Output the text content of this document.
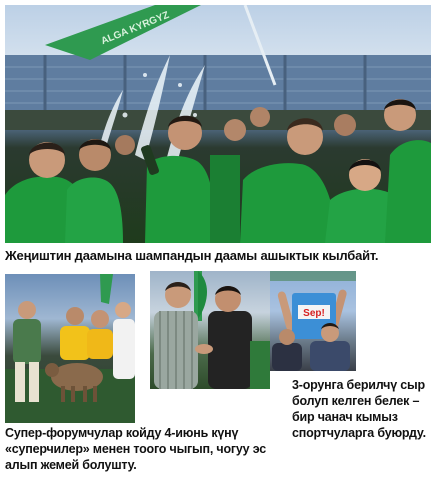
ALGA KYRGYZ

Жеңиштин даамына шампандын даамы ашыктык кылбайт.

Sep!

Супер-форумчулар койду 4-июнь күнү «суперчилер» менен тоого чыгып, чогуу эс алып жемей болушту.

3-орунга берилчү сыр болуп келген белек – бир чанач кымыз спортчуларга буюрду.
